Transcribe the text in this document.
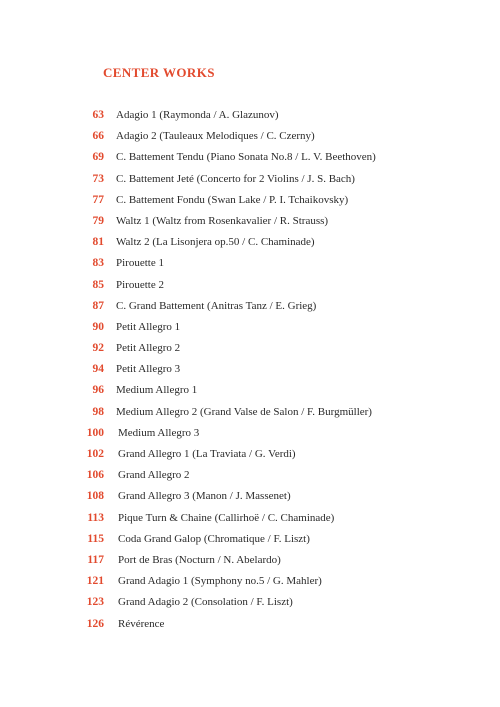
CENTER WORKS
63 Adagio 1 (Raymonda / A. Glazunov)
66 Adagio 2 (Tauleaux Melodiques / C. Czerny)
69 C. Battement Tendu (Piano Sonata No.8 / L. V. Beethoven)
73 C. Battement Jeté (Concerto for 2 Violins / J. S. Bach)
77 C. Battement Fondu (Swan Lake / P. I. Tchaikovsky)
79 Waltz 1 (Waltz from Rosenkavalier / R. Strauss)
81 Waltz 2 (La Lisonjera op.50 / C. Chaminade)
83 Pirouette 1
85 Pirouette 2
87 C. Grand Battement (Anitras Tanz / E. Grieg)
90 Petit Allegro 1
92 Petit Allegro 2
94 Petit Allegro 3
96 Medium Allegro 1
98 Medium Allegro 2 (Grand Valse de Salon / F. Burgmüller)
100 Medium Allegro 3
102 Grand Allegro 1 (La Traviata / G. Verdi)
106 Grand Allegro 2
108 Grand Allegro 3 (Manon / J. Massenet)
113 Pique Turn & Chaine (Callirhoë / C. Chaminade)
115 Coda Grand Galop (Chromatique / F. Liszt)
117 Port de Bras (Nocturn / N. Abelardo)
121 Grand Adagio 1 (Symphony no.5 / G. Mahler)
123 Grand Adagio 2 (Consolation / F. Liszt)
126 Révérence
